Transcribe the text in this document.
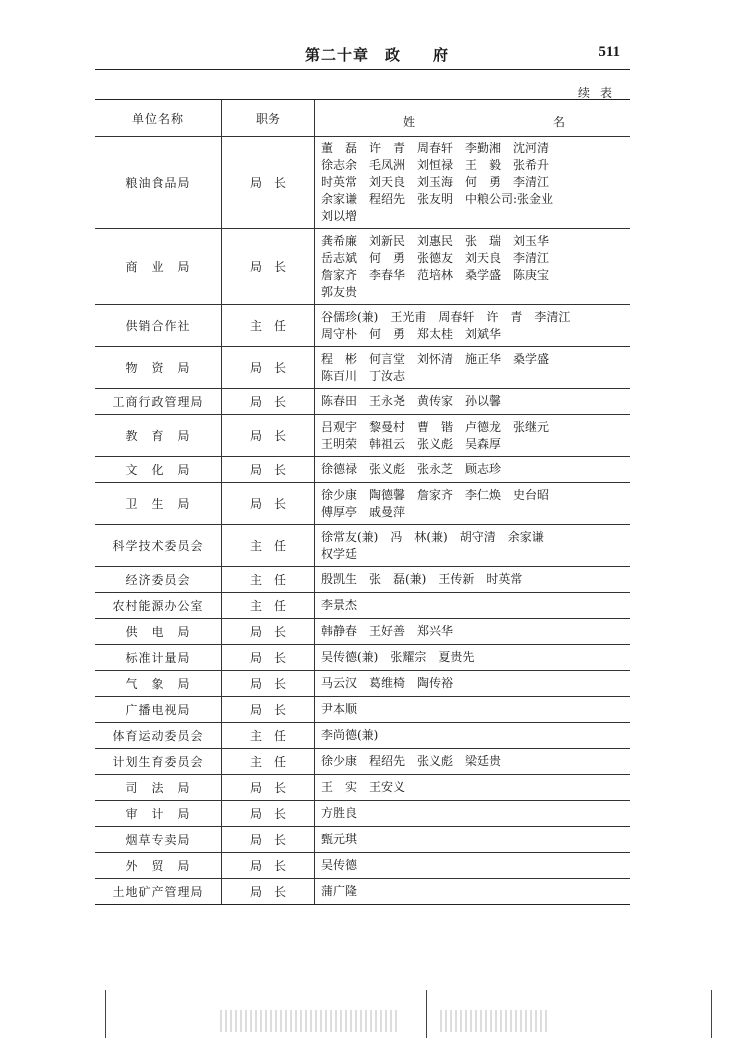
第二十章　政　　府	511
续表
单位名称	职务	姓 名

粮油食品局	局　长	董　磊　许　青　周春轩　李勤湘　沈河清
徐志余　毛凤洲　刘恒禄　王　毅　张希升
时英常　刘天良　刘玉海　何　勇　李清江
余家谦　程绍先　张友明　中粮公司:张金业
刘以增

商　业　局	局　长	龚希廉　刘新民　刘惠民　张　瑞　刘玉华
岳志斌　何　勇　张德友　刘天良　李清江
詹家齐　李春华　范培林　桑学盛　陈庚宝
郭友贵

供销合作社	主　任	谷儒珍(兼)　王光甫　周春轩　许　青　李清江
周守朴　何　勇　郑太桂　刘斌华

物　资　局	局　长	程　彬　何言堂　刘怀清　施正华　桑学盛
陈百川　丁汝志

工商行政管理局	局　长	陈春田　王永尧　黄传家　孙以馨

教　育　局	局　长	吕观宇　黎曼村　曹　锴　卢德龙　张继元
王明荣　韩祖云　张义彪　吴森厚

文　化　局	局　长	徐德禄　张义彪　张永芝　顾志珍

卫　生　局	局　长	徐少康　陶德馨　詹家齐　李仁焕　史台昭
傅厚亭　戚曼萍

科学技术委员会	主　任	徐常友(兼)　冯　林(兼)　胡守清　余家谦
权学廷

经济委员会	主　任	殷凯生　张　磊(兼)　王传新　时英常

农村能源办公室	主　任	李景杰

供　电　局	局　长	韩静春　王好善　郑兴华

标准计量局	局　长	吴传德(兼)　张耀宗　夏贵先

气　象　局	局　长	马云汉　葛维椅　陶传裕

广播电视局	局　长	尹本顺

体育运动委员会	主　任	李尚德(兼)

计划生育委员会	主　任	徐少康　程绍先　张义彪　梁廷贵

司　法　局	局　长	王　实　王安义

审　计　局	局　长	方胜良

烟草专卖局	局　长	甄元琪

外　贸　局	局　长	吴传德

土地矿产管理局	局　长	蒲广隆
